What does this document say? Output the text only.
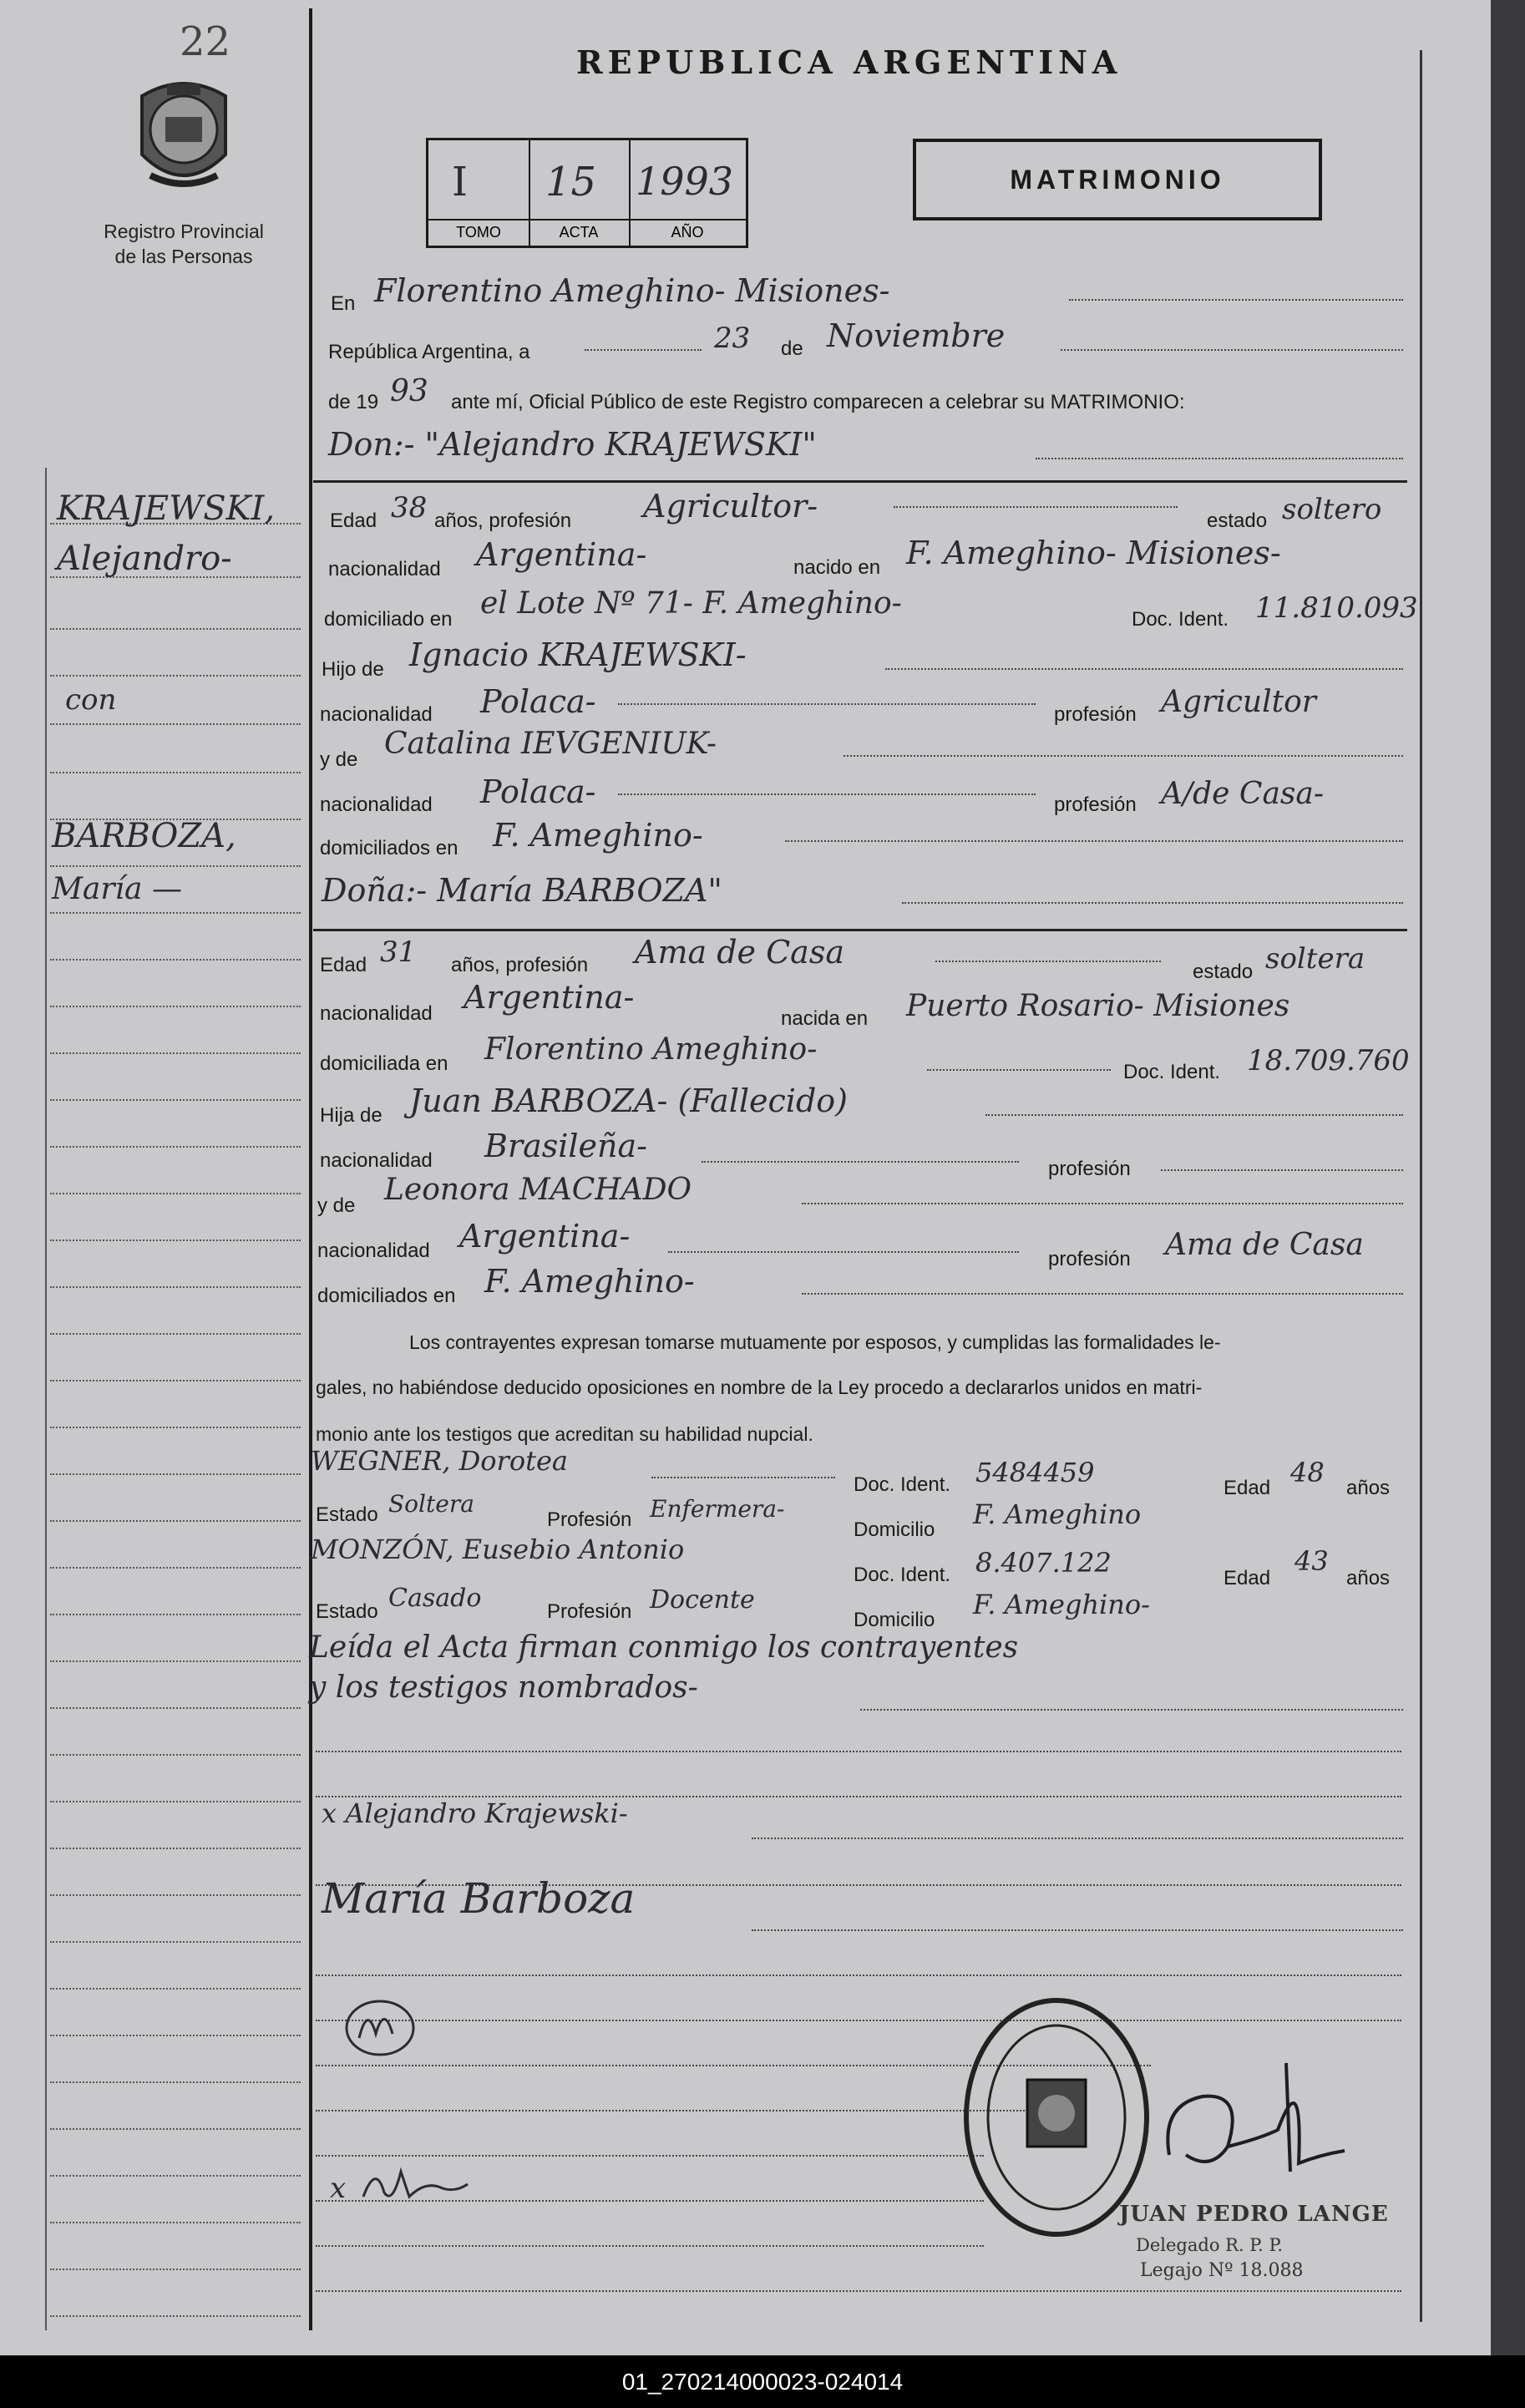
22
Registro Provincial
de las Personas
REPUBLICA ARGENTINA
I
TOMO
15
ACTA
1993
AÑO
MATRIMONIO
En Florentino Ameghino- Misiones-
República Argentina, a	23 de Noviembre
de 19 93 ante mí, Oficial Público de este Registro comparecen a celebrar su MATRIMONIO:
Don:- "Alejandro KRAJEWSKI"
Edad 38 años, profesión Agricultor-	estado soltero
nacionalidad Argentina-	nacido en F. Ameghino- Misiones-
domiciliado en el Lote Nº 71- F. Ameghino-	Doc. Ident. 11.810.093
Hijo de Ignacio KRAJEWSKI-
nacionalidad Polaca-	profesión Agricultor
y de Catalina IEVGENIUK-
nacionalidad Polaca-	profesión A/de Casa-
domiciliados en F. Ameghino-
Doña:- María BARBOZA"
Edad 31 años, profesión Ama de Casa
estado soltera
nacionalidad Argentina-
nacida en Puerto Rosario- Misiones
domiciliada en Florentino Ameghino-
Doc. Ident. 18.709.760
Hija de Juan BARBOZA- (Fallecido)
nacionalidad Brasileña-
profesión
y de Leonora MACHADO
nacionalidad Argentina-
profesión Ama de Casa
domiciliados en F. Ameghino-
Los contrayentes expresan tomarse mutuamente por esposos, y cumplidas las formalidades le-
gales, no habiéndose deducido oposiciones en nombre de la Ley procedo a declararlos unidos en matri-
monio ante los testigos que acreditan su habilidad nupcial.
WEGNER, Dorotea
Doc. Ident. 5484459	Edad 48 años
Estado Soltera
Profesión Enfermera-
Domicilio F. Ameghino
MONZÓN, Eusebio Antonio
Doc. Ident. 8.407.122	Edad
43
años
Estado Casado	Profesión Docente
Domicilio F. Ameghino-
Leída el Acta firman conmigo los contrayentes
y los testigos nombrados-
x Alejandro Krajewski-
María Barboza
x
JUAN PEDRO LANGE
Delegado R. P. P.
Legajo Nº 18.088
KRAJEWSKI,
Alejandro-
con
BARBOZA,
María —
01_270214000023-024014
